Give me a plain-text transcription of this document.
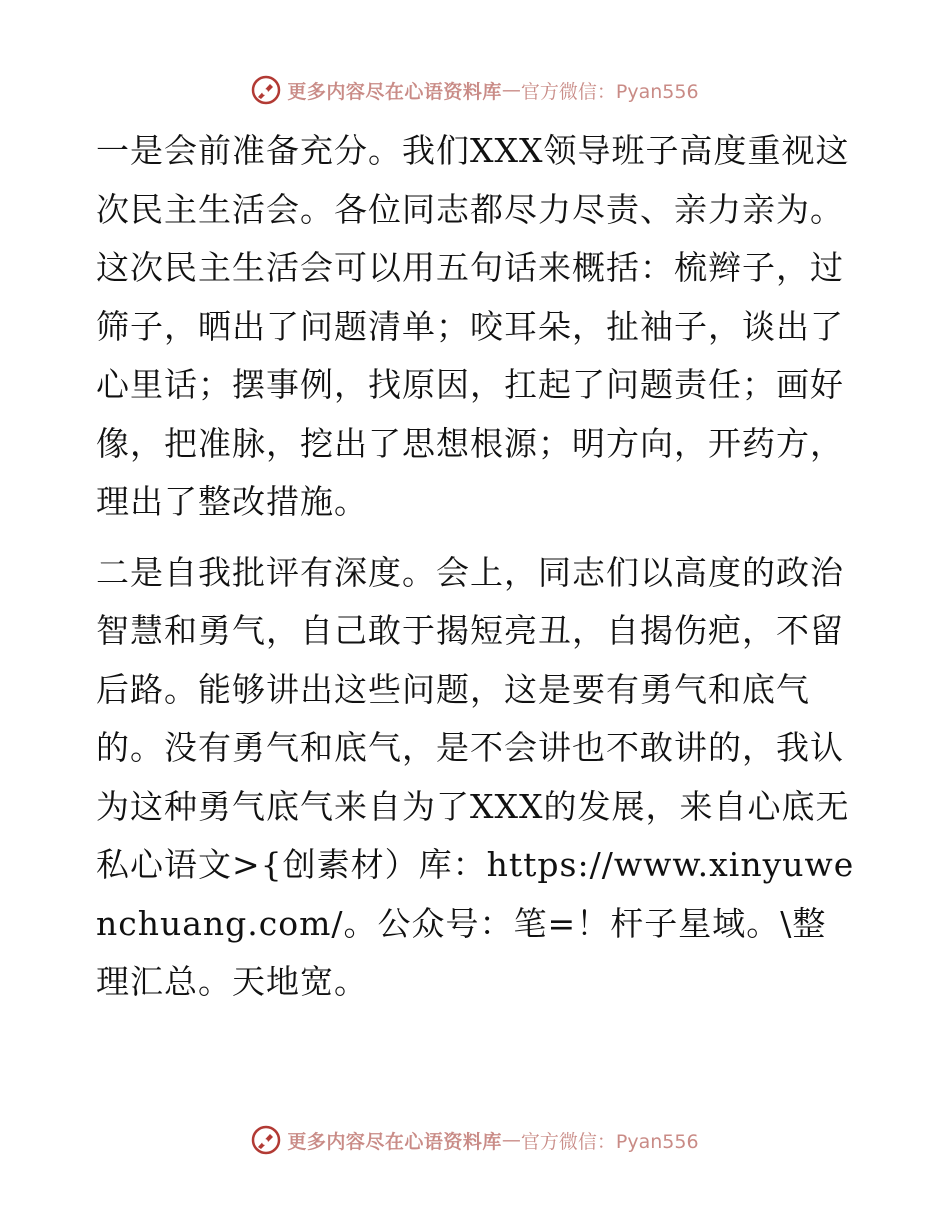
更多内容尽在心语资料库 — 官方微信：Pyan556

一是会前准备充分。我们XXX领导班子高度重视这次民主生活会。各位同志都尽力尽责、亲力亲为。这次民主生活会可以用五句话来概括：梳辫子，过筛子，晒出了问题清单；咬耳朵，扯袖子，谈出了心里话；摆事例，找原因，扛起了问题责任；画好像，把准脉，挖出了思想根源；明方向，开药方，理出了整改措施。

二是自我批评有深度。会上，同志们以高度的政治智慧和勇气，自己敢于揭短亮丑，自揭伤疤，不留后路。能够讲出这些问题，这是要有勇气和底气的。没有勇气和底气，是不会讲也不敢讲的，我认为这种勇气底气来自为了XXX的发展，来自心底无私心语文>{创素材）库：https://www.xinyuwenchuang.com/。公众号：笔=！杆子星域。\整理汇总。天地宽。

更多内容尽在心语资料库 — 官方微信：Pyan556
